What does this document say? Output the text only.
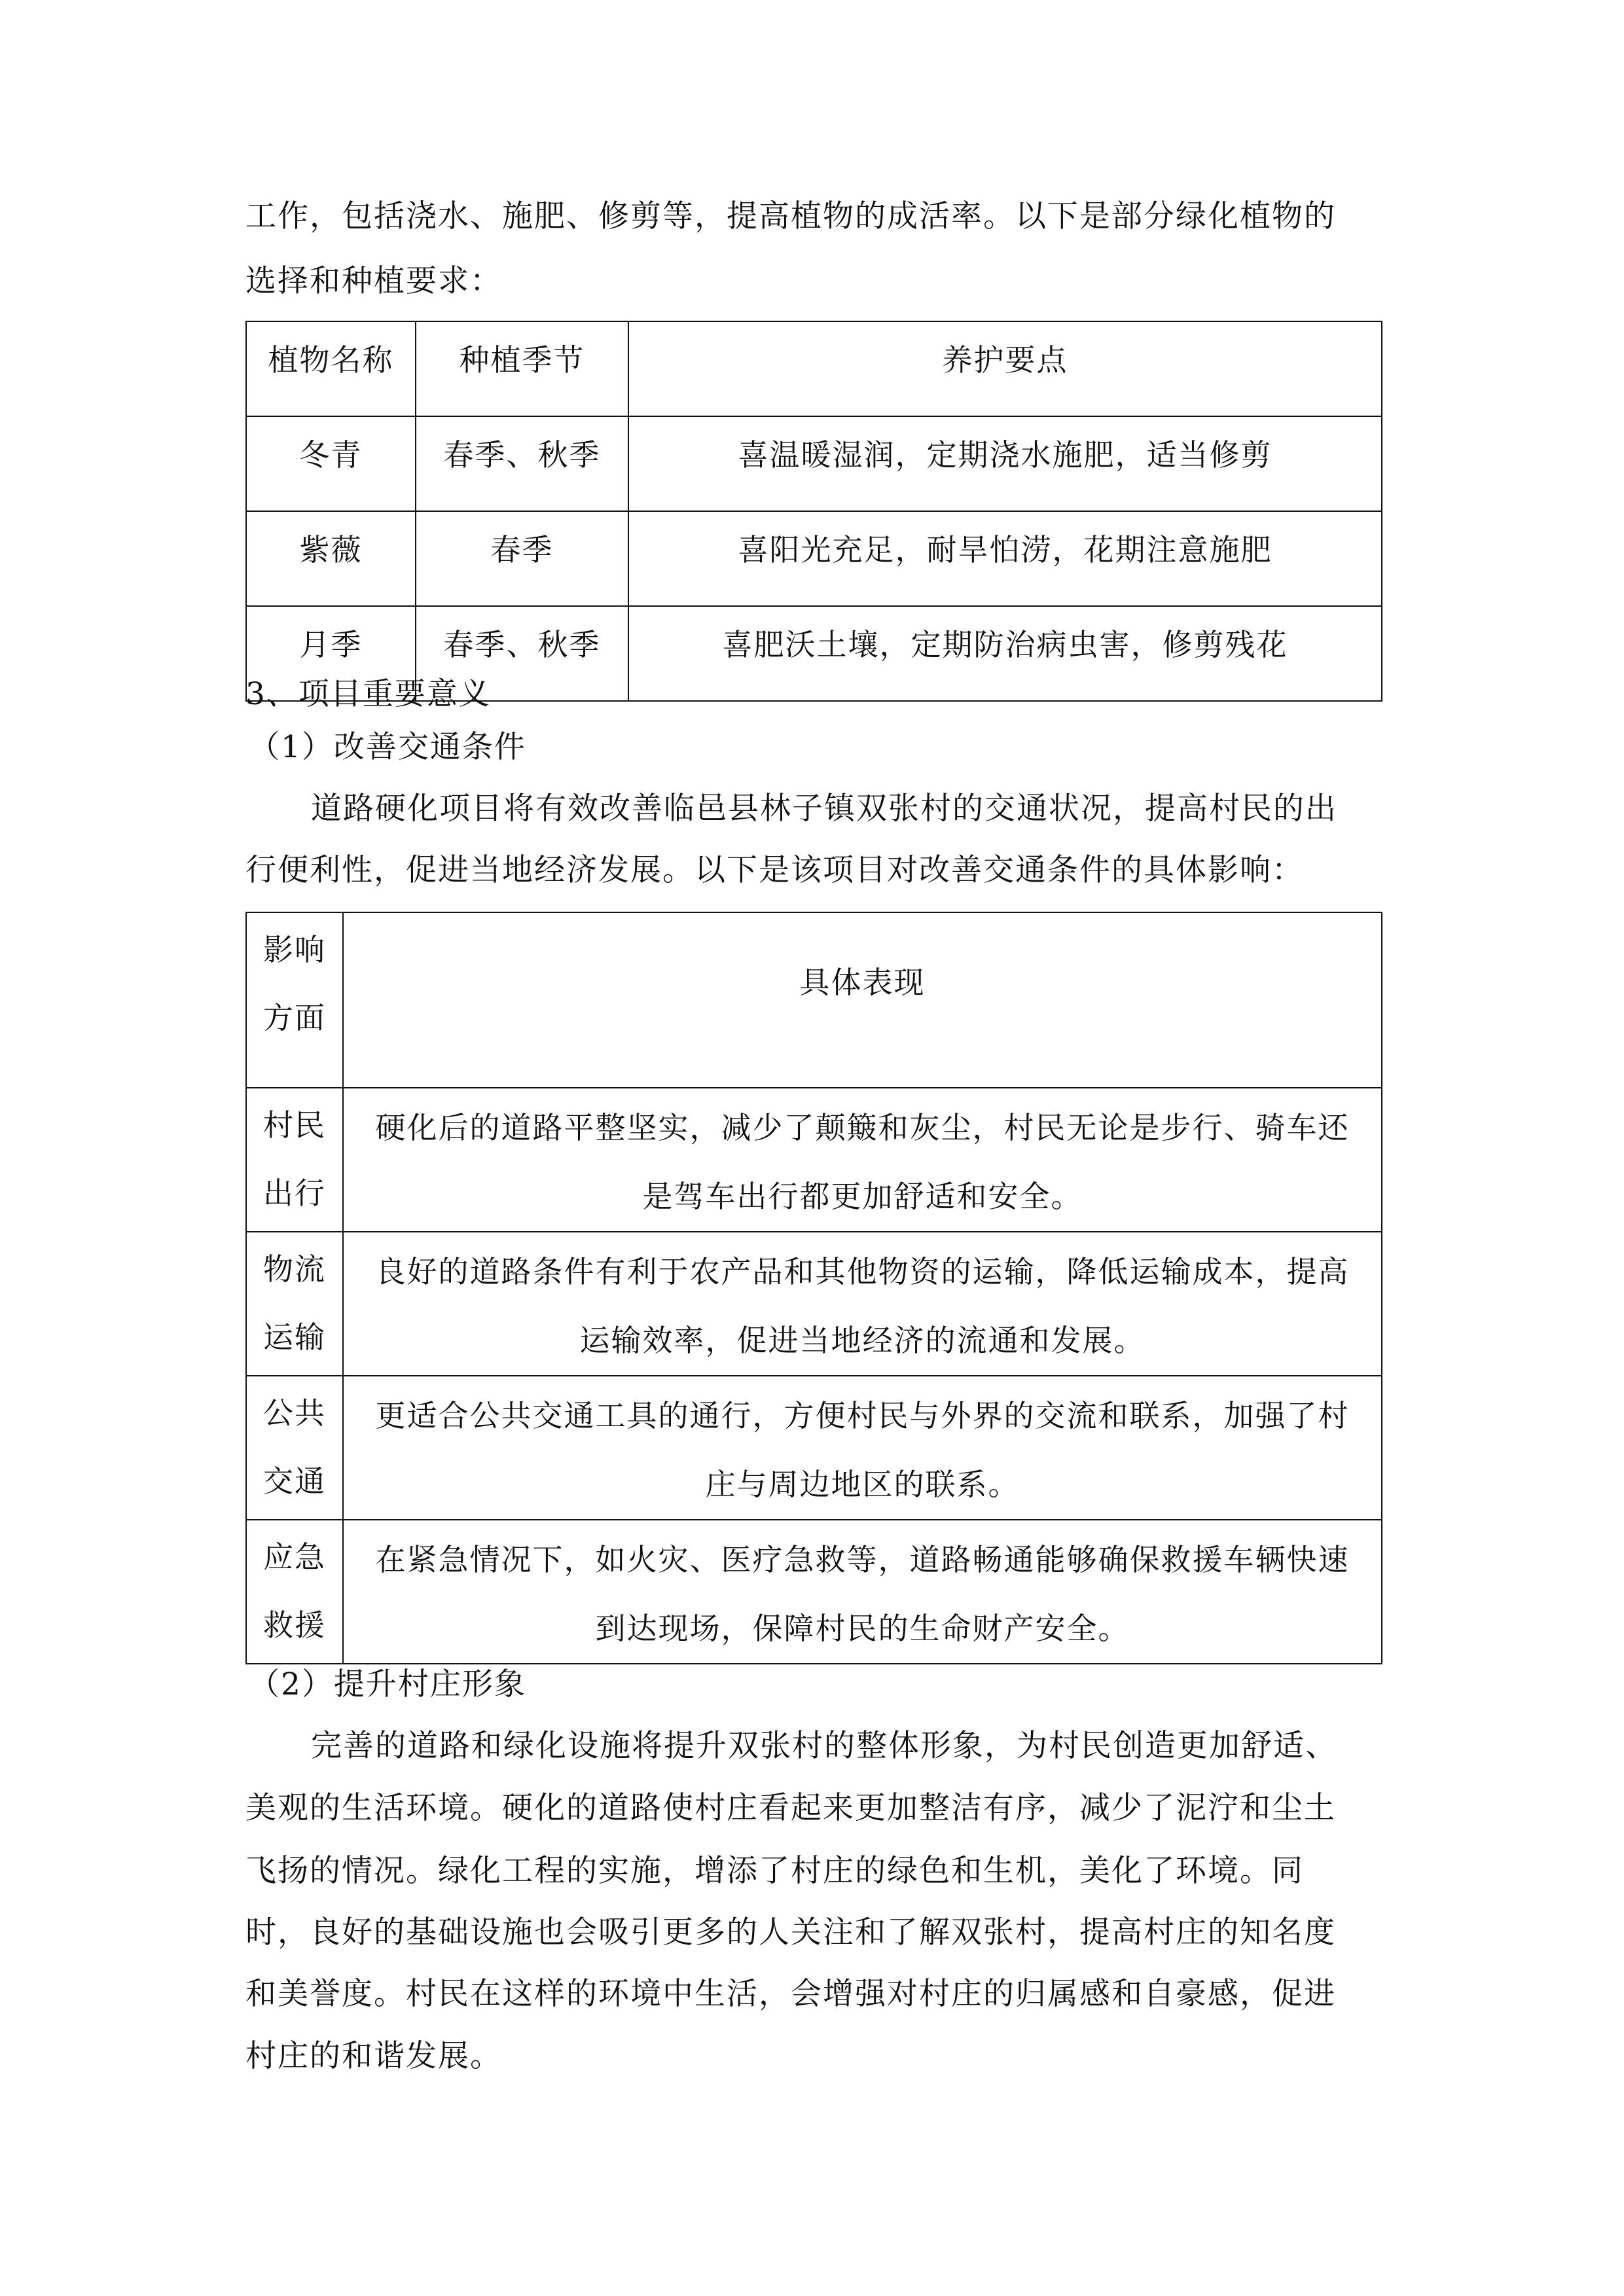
工作，包括浇水、施肥、修剪等，提高植物的成活率。以下是部分绿化植物的
选择和种植要求：
植物名称	种植季节	养护要点
冬青	春季、秋季	喜温暖湿润，定期浇水施肥，适当修剪
紫薇	春季	喜阳光充足，耐旱怕涝，花期注意施肥
月季	春季、秋季	喜肥沃土壤，定期防治病虫害，修剪残花
3、项目重要意义
（1）改善交通条件
道路硬化项目将有效改善临邑县林子镇双张村的交通状况，提高村民的出
行便利性，促进当地经济发展。以下是该项目对改善交通条件的具体影响：
影响
方面	具体表现

村民
出行	硬化后的道路平整坚实，减少了颠簸和灰尘，村民无论是步行、骑车还
是驾车出行都更加舒适和安全。

物流
运输	良好的道路条件有利于农产品和其他物资的运输，降低运输成本，提高
运输效率，促进当地经济的流通和发展。

公共
交通	更适合公共交通工具的通行，方便村民与外界的交流和联系，加强了村
庄与周边地区的联系。

应急
救援	在紧急情况下，如火灾、医疗急救等，道路畅通能够确保救援车辆快速
到达现场，保障村民的生命财产安全。
（2）提升村庄形象
完善的道路和绿化设施将提升双张村的整体形象，为村民创造更加舒适、
美观的生活环境。硬化的道路使村庄看起来更加整洁有序，减少了泥泞和尘土
飞扬的情况。绿化工程的实施，增添了村庄的绿色和生机，美化了环境。同
时，良好的基础设施也会吸引更多的人关注和了解双张村，提高村庄的知名度
和美誉度。村民在这样的环境中生活，会增强对村庄的归属感和自豪感，促进
村庄的和谐发展。
